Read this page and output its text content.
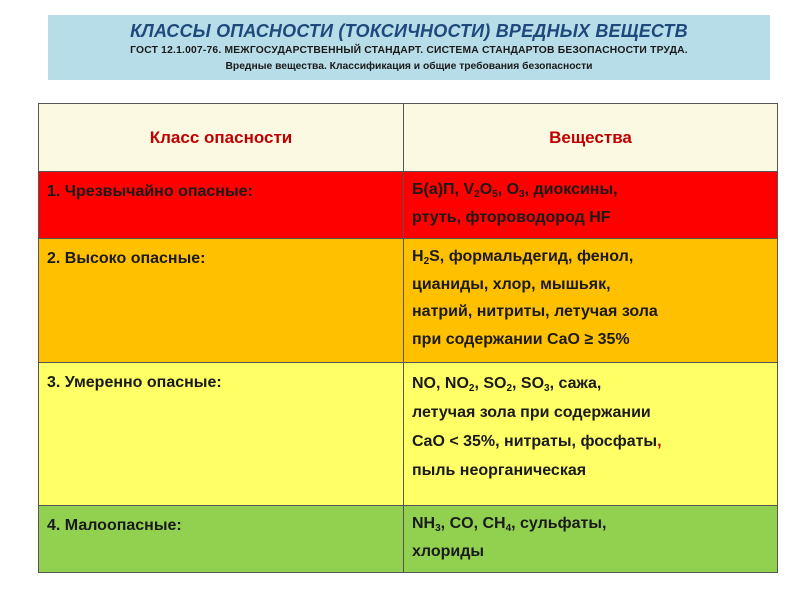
КЛАССЫ ОПАСНОСТИ (ТОКСИЧНОСТИ) ВРЕДНЫХ ВЕЩЕСТВ
ГОСТ 12.1.007-76. МЕЖГОСУДАРСТВЕННЫЙ СТАНДАРТ. СИСТЕМА СТАНДАРТОВ БЕЗОПАСНОСТИ ТРУДА.
Вредные вещества. Классификация и общие требования безопасности
Класс опасности	Вещества
1. Чрезвычайно опасные:	Б(а)П, $V_2O_5$, $O_3$, диоксины,
ртуть, фтороводород HF

2. Высоко опасные:	$H_2S$, формальдегид, фенол,
цианиды, хлор, мышьяк,
натрий, нитриты, летучая зола
при содержании CaO ≥ 35%

3. Умеренно опасные:	NO, $NO_2$, $SO_2$, $SO_3$, сажа,
летучая зола при содержании
CaO < 35%, нитраты, фосфаты,
пыль неорганическая

4. Малоопасные:	$NH_3$, CO, $CH_4$, сульфаты,
хлориды
